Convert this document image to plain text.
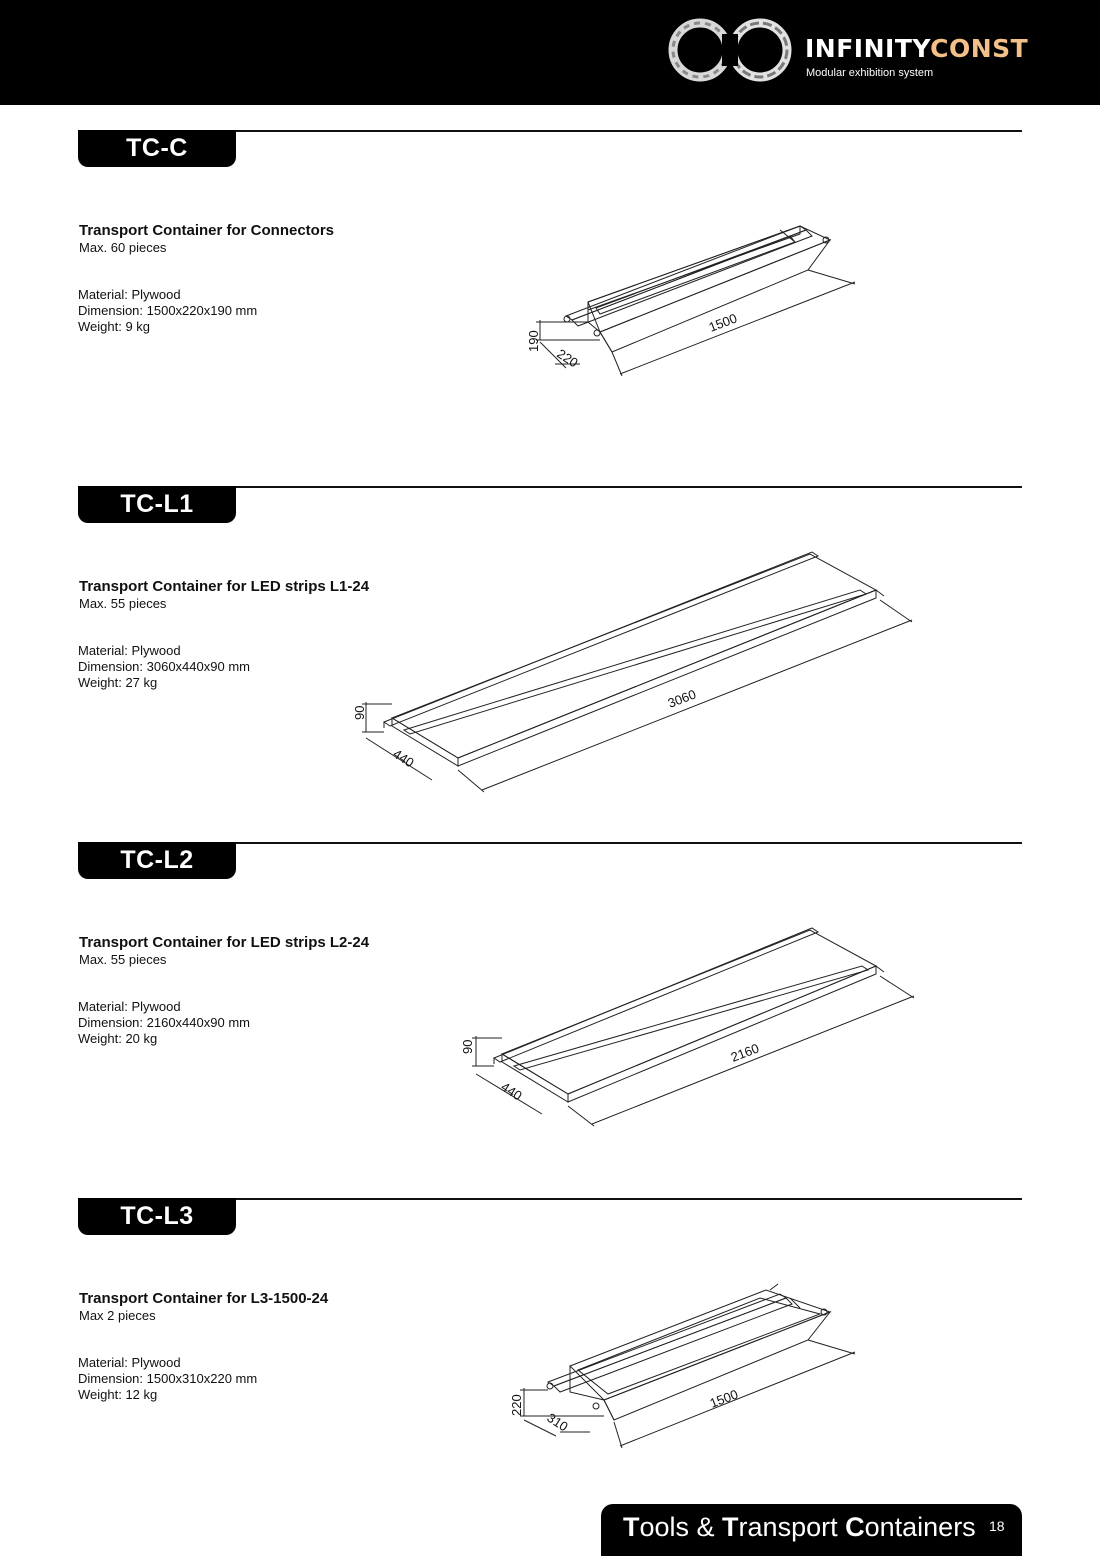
INFINITYCONST
Modular exhibition system
TC-C
Transport Container for Connectors
Max. 60 pieces
Material: Plywood
Dimension: 1500x220x190 mm
Weight: 9 kg
190
220
1500
TC-L1
Transport Container for LED strips L1-24
Max. 55 pieces
Material: Plywood
Dimension: 3060x440x90 mm
Weight: 27 kg
90
440
3060
TC-L2
Transport Container for LED strips L2-24
Max. 55 pieces
Material: Plywood
Dimension: 2160x440x90 mm
Weight: 20 kg
90
440
2160
TC-L3
Transport Container for L3-1500-24
Max 2 pieces
Material: Plywood
Dimension: 1500x310x220 mm
Weight: 12 kg	220
310
1500
Tools & Transport Containers 18
